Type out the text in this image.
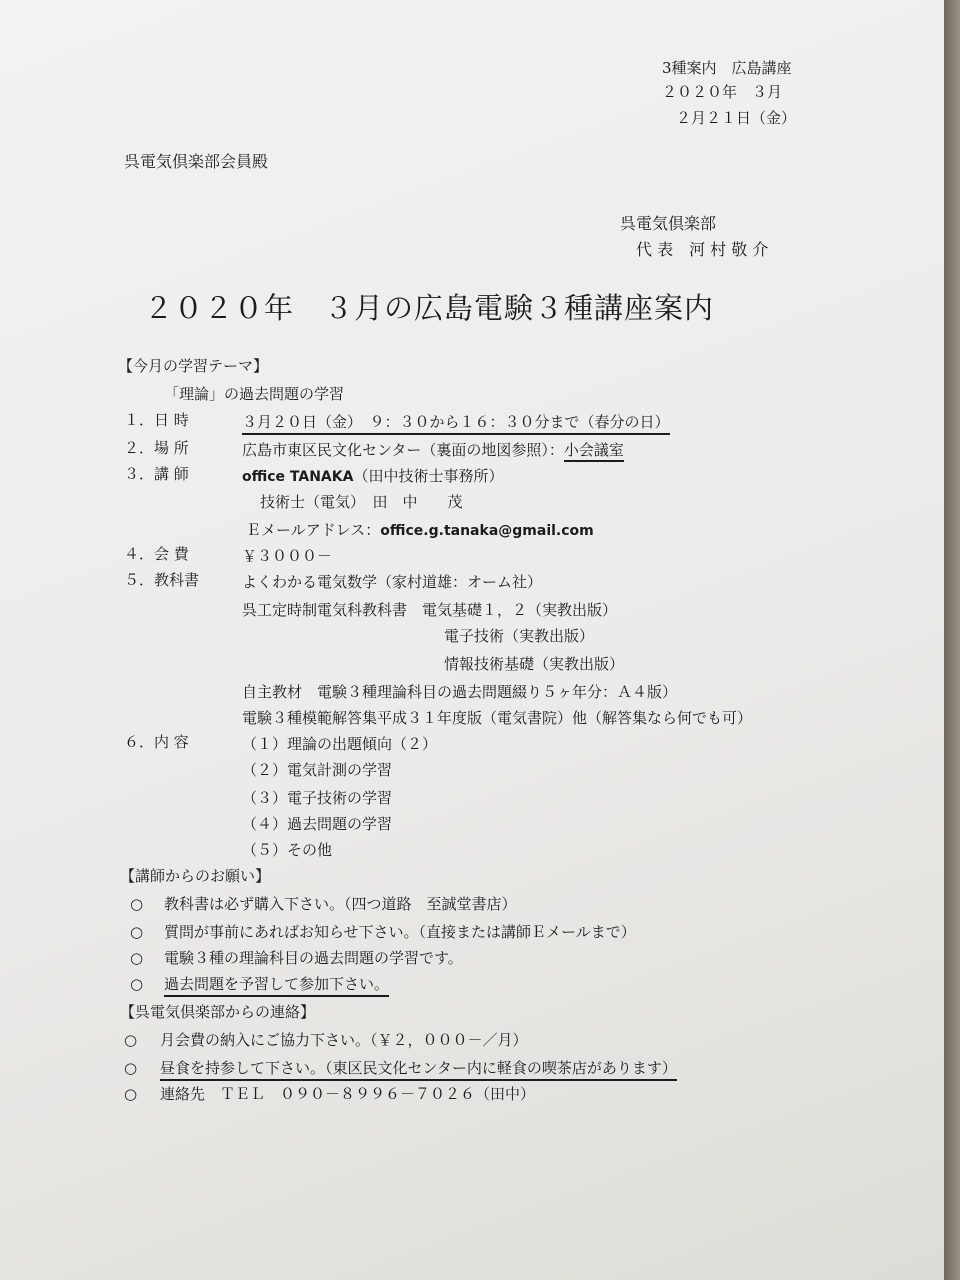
3種案内　広島講座
２０２０年　３月
２月２１日（金）
呉電気倶楽部会員殿
呉電気倶楽部
代 表　河 村 敬 介
２０２０年　３月の広島電験３種講座案内
【今月の学習テーマ】
「理論」の過去問題の学習
１．日 時	３月２０日（金）　９：３０から１６：３０分まで（春分の日）
２．場 所	広島市東区民文化センター（裏面の地図参照）：小会議室
３．講 師	office TANAKA（田中技術士事務所）
技術士（電気）　田　中　　茂
Ｅメールアドレス：office.g.tanaka@gmail.com
４．会 費	￥３０００－
５．教科書	よくわかる電気数学（家村道雄：オーム社）
呉工定時制電気科教科書　電気基礎１，２（実教出版）
電子技術（実教出版）
情報技術基礎（実教出版）
自主教材　電験３種理論科目の過去問題綴り５ヶ年分：Ａ４版）
電験３種模範解答集平成３１年度版（電気書院）他（解答集なら何でも可）
６．内 容	（１）理論の出題傾向（２）
（２）電気計測の学習
（３）電子技術の学習
（４）過去問題の学習
（５）その他
【講師からのお願い】
○ 教科書は必ず購入下さい。（四つ道路　至誠堂書店）
○ 質問が事前にあればお知らせ下さい。（直接または講師Ｅメールまで）
○ 電験３種の理論科目の過去問題の学習です。
○ 過去問題を予習して参加下さい。
【呉電気倶楽部からの連絡】
○ 月会費の納入にご協力下さい。（￥２，０００－／月）
○ 昼食を持参して下さい。（東区民文化センター内に軽食の喫茶店があります）
○ 連絡先　ＴＥＬ　０９０－８９９６－７０２６（田中）
